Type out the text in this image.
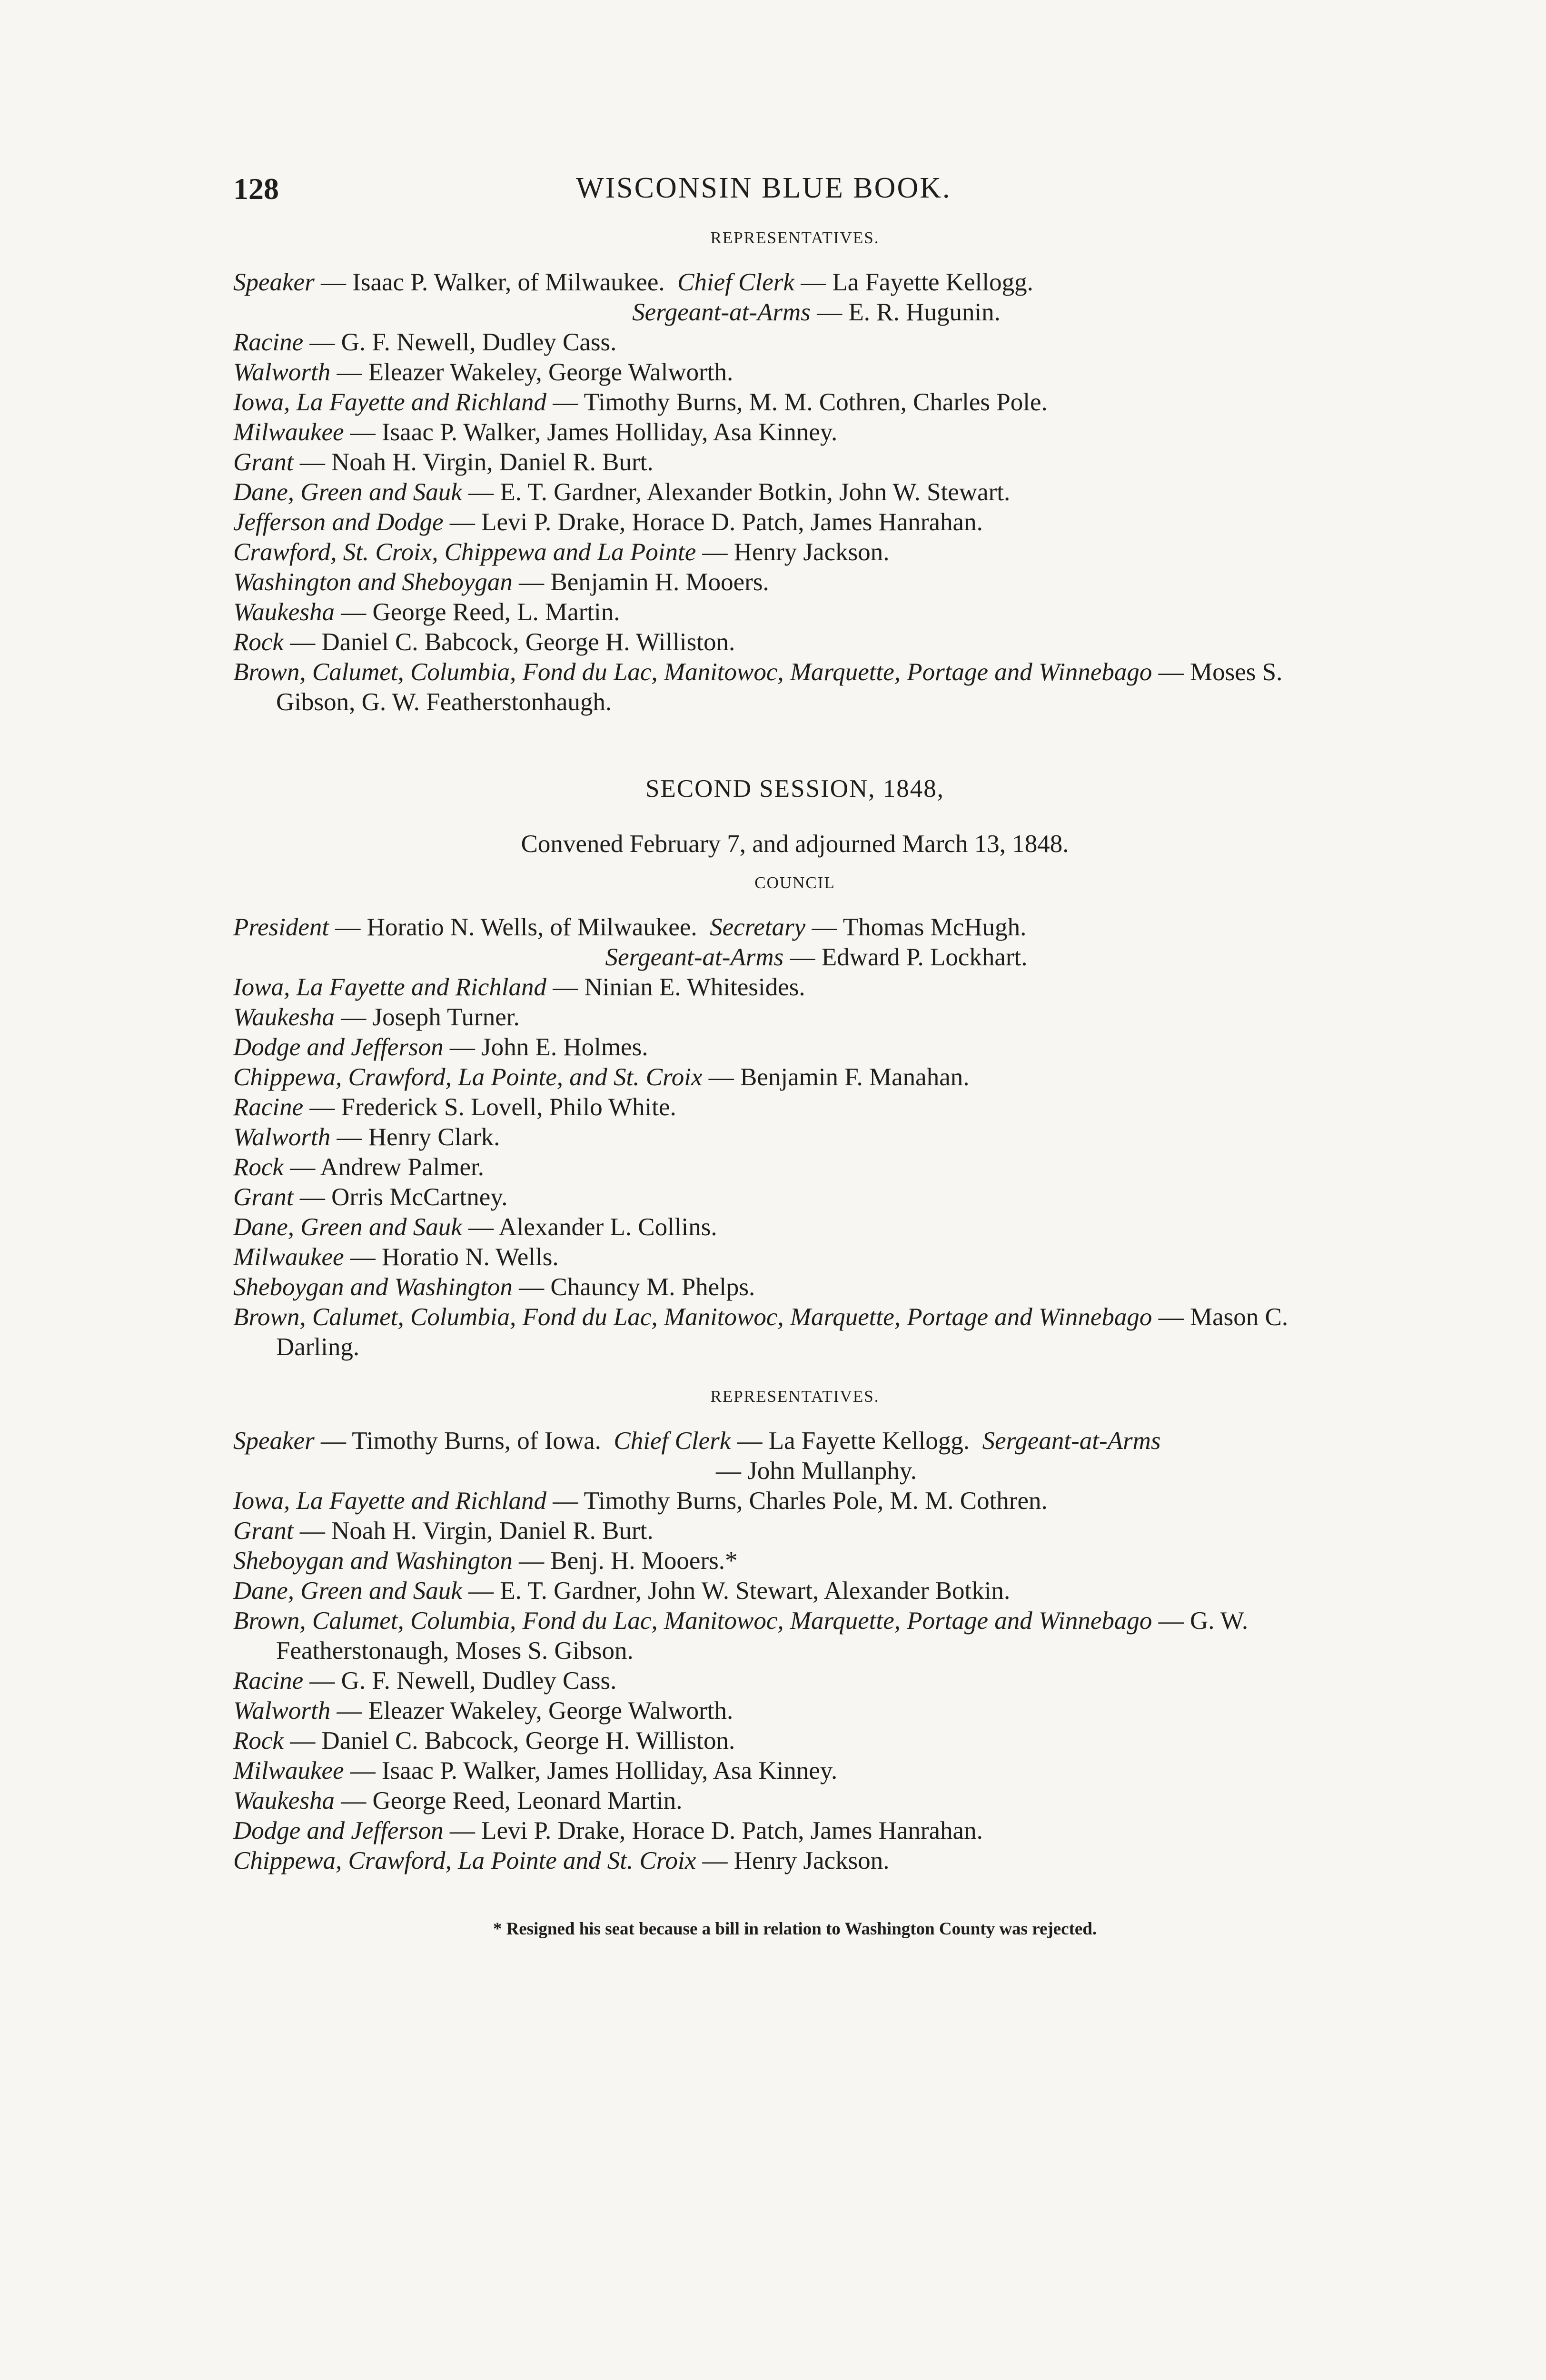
128	WISCONSIN BLUE BOOK.

REPRESENTATIVES.

Speaker — Isaac P. Walker, of Milwaukee. Chief Clerk — La Fayette Kellogg.
Sergeant-at-Arms — E. R. Hugunin.

Racine — G. F. Newell, Dudley Cass.

Walworth — Eleazer Wakeley, George Walworth.

Iowa, La Fayette and Richland — Timothy Burns, M. M. Cothren, Charles Pole.

Milwaukee — Isaac P. Walker, James Holliday, Asa Kinney.

Grant — Noah H. Virgin, Daniel R. Burt.

Dane, Green and Sauk — E. T. Gardner, Alexander Botkin, John W. Stewart.

Jefferson and Dodge — Levi P. Drake, Horace D. Patch, James Hanrahan.

Crawford, St. Croix, Chippewa and La Pointe — Henry Jackson.

Washington and Sheboygan — Benjamin H. Mooers.

Waukesha — George Reed, L. Martin.

Rock — Daniel C. Babcock, George H. Williston.

Brown, Calumet, Columbia, Fond du Lac, Manitowoc, Marquette, Portage and Winnebago — Moses S. Gibson, G. W. Featherstonhaugh.

SECOND SESSION, 1848,

Convened February 7, and adjourned March 13, 1848.

COUNCIL

President — Horatio N. Wells, of Milwaukee. Secretary — Thomas McHugh.
Sergeant-at-Arms — Edward P. Lockhart.

Iowa, La Fayette and Richland — Ninian E. Whitesides.

Waukesha — Joseph Turner.

Dodge and Jefferson — John E. Holmes.

Chippewa, Crawford, La Pointe, and St. Croix — Benjamin F. Manahan.

Racine — Frederick S. Lovell, Philo White.

Walworth — Henry Clark.

Rock — Andrew Palmer.

Grant — Orris McCartney.

Dane, Green and Sauk — Alexander L. Collins.

Milwaukee — Horatio N. Wells.

Sheboygan and Washington — Chauncy M. Phelps.

Brown, Calumet, Columbia, Fond du Lac, Manitowoc, Marquette, Portage and Winnebago — Mason C. Darling.

REPRESENTATIVES.

Speaker — Timothy Burns, of Iowa. Chief Clerk — La Fayette Kellogg. Sergeant-at-Arms
— John Mullanphy.

Iowa, La Fayette and Richland — Timothy Burns, Charles Pole, M. M. Cothren.

Grant — Noah H. Virgin, Daniel R. Burt.

Sheboygan and Washington — Benj. H. Mooers.*

Dane, Green and Sauk — E. T. Gardner, John W. Stewart, Alexander Botkin.

Brown, Calumet, Columbia, Fond du Lac, Manitowoc, Marquette, Portage and Winnebago — G. W. Featherstonaugh, Moses S. Gibson.

Racine — G. F. Newell, Dudley Cass.

Walworth — Eleazer Wakeley, George Walworth.

Rock — Daniel C. Babcock, George H. Williston.

Milwaukee — Isaac P. Walker, James Holliday, Asa Kinney.

Waukesha — George Reed, Leonard Martin.

Dodge and Jefferson — Levi P. Drake, Horace D. Patch, James Hanrahan.

Chippewa, Crawford, La Pointe and St. Croix — Henry Jackson.

* Resigned his seat because a bill in relation to Washington County was rejected.
